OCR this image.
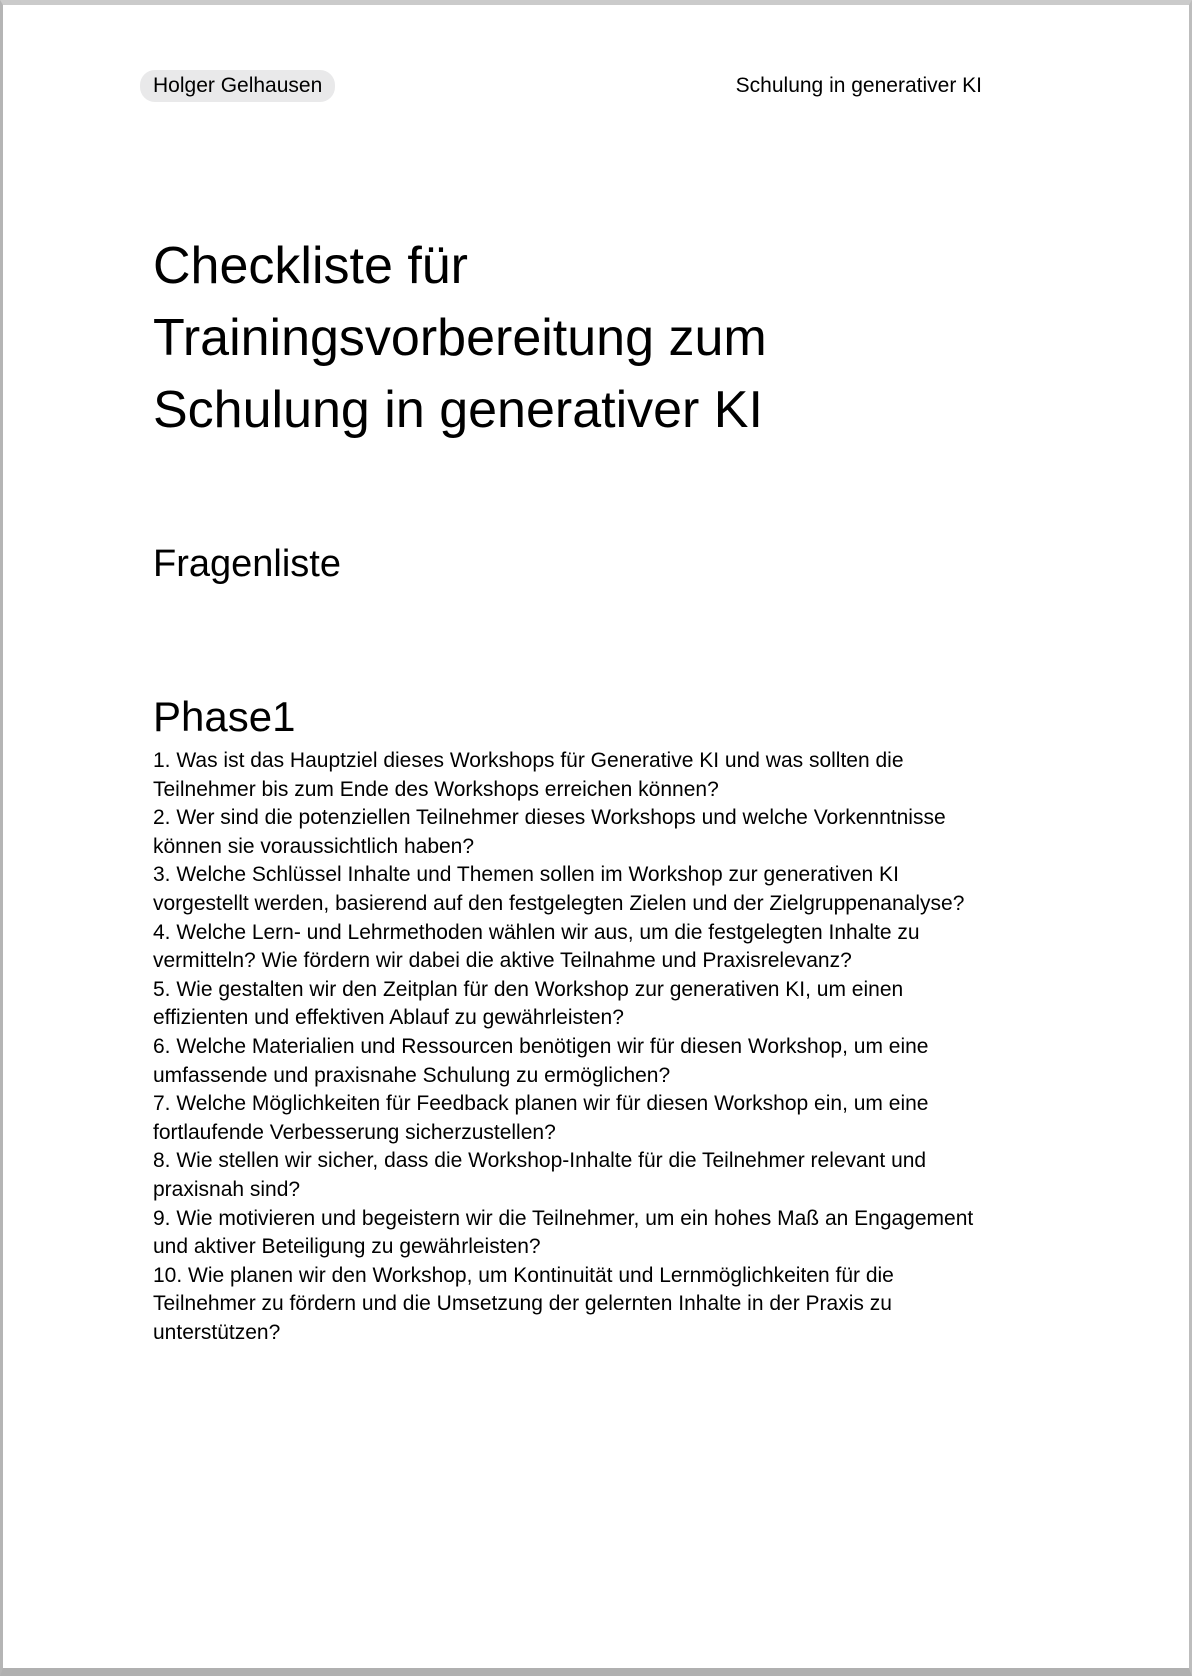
Holger Gelhausen	Schulung in generativer KI
Checkliste für Trainingsvorbereitung zum Schulung in generativer KI
Fragenliste
Phase1
1. Was ist das Hauptziel dieses Workshops für Generative KI und was sollten die Teilnehmer bis zum Ende des Workshops erreichen können?
2. Wer sind die potenziellen Teilnehmer dieses Workshops und welche Vorkenntnisse können sie voraussichtlich haben?
3. Welche Schlüssel Inhalte und Themen sollen im Workshop zur generativen KI vorgestellt werden, basierend auf den festgelegten Zielen und der Zielgruppenanalyse?
4. Welche Lern- und Lehrmethoden wählen wir aus, um die festgelegten Inhalte zu vermitteln? Wie fördern wir dabei die aktive Teilnahme und Praxisrelevanz?
5. Wie gestalten wir den Zeitplan für den Workshop zur generativen KI, um einen effizienten und effektiven Ablauf zu gewährleisten?
6. Welche Materialien und Ressourcen benötigen wir für diesen Workshop, um eine umfassende und praxisnahe Schulung zu ermöglichen?
7. Welche Möglichkeiten für Feedback planen wir für diesen Workshop ein, um eine fortlaufende Verbesserung sicherzustellen?
8. Wie stellen wir sicher, dass die Workshop-Inhalte für die Teilnehmer relevant und praxisnah sind?
9. Wie motivieren und begeistern wir die Teilnehmer, um ein hohes Maß an Engagement und aktiver Beteiligung zu gewährleisten?
10. Wie planen wir den Workshop, um Kontinuität und Lernmöglichkeiten für die Teilnehmer zu fördern und die Umsetzung der gelernten Inhalte in der Praxis zu unterstützen?
